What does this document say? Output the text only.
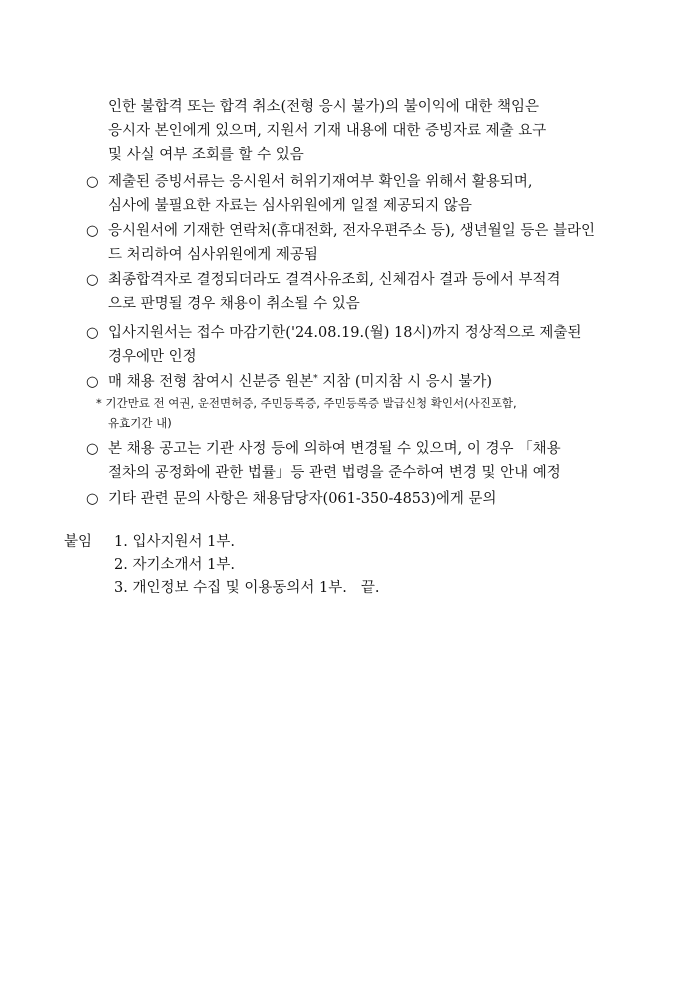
인한 불합격 또는 합격 취소(전형 응시 불가)의 불이익에 대한 책임은
응시자 본인에게 있으며, 지원서 기재 내용에 대한 증빙자료 제출 요구
및 사실 여부 조회를 할 수 있음
○ 제출된 증빙서류는 응시원서 허위기재여부 확인을 위해서 활용되며,
심사에 불필요한 자료는 심사위원에게 일절 제공되지 않음
○ 응시원서에 기재한 연락처(휴대전화, 전자우편주소 등), 생년월일 등은 블라인
드 처리하여 심사위원에게 제공됨
○ 최종합격자로 결정되더라도 결격사유조회, 신체검사 결과 등에서 부적격
으로 판명될 경우 채용이 취소될 수 있음
○ 입사지원서는 접수 마감기한('24.08.19.(월) 18시)까지 정상적으로 제출된
경우에만 인정
○ 매 채용 전형 참여시 신분증 원본* 지참 (미지참 시 응시 불가)
* 기간만료 전 여권, 운전면허증, 주민등록증, 주민등록증 발급신청 확인서(사진포함,
유효기간 내)
○ 본 채용 공고는 기관 사정 등에 의하여 변경될 수 있으며, 이 경우 「채용
절차의 공정화에 관한 법률」등 관련 법령을 준수하여 변경 및 안내 예정
○ 기타 관련 문의 사항은 채용담당자(061-350-4853)에게 문의
붙임	1. 입사지원서 1부.
2. 자기소개서 1부.
3. 개인정보 수집 및 이용동의서 1부. 끝.
